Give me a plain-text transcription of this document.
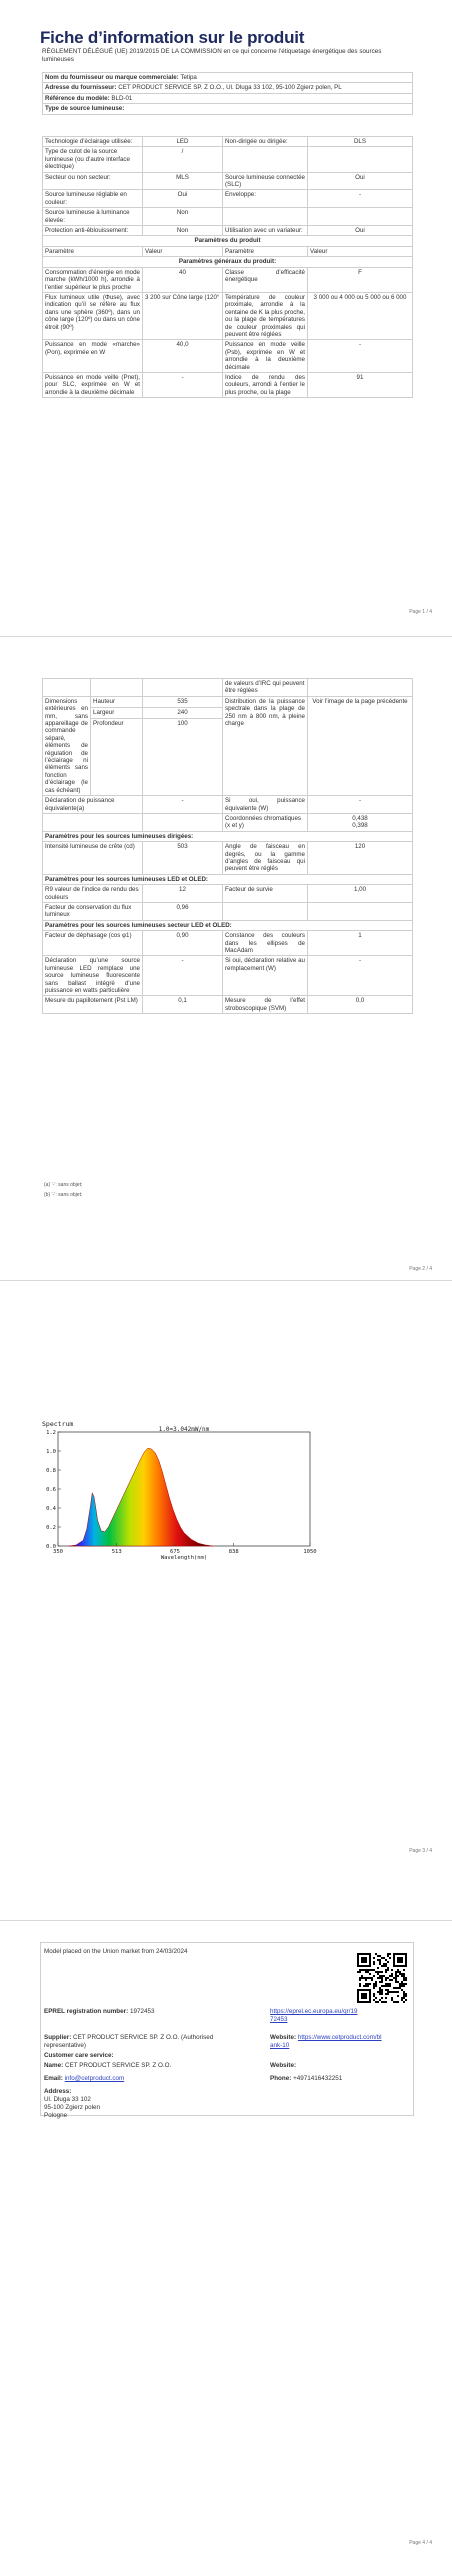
Fiche d’information sur le produit
RÈGLEMENT DÉLÉGUÉ (UE) 2019/2015 DE LA COMMISSION en ce qui concerne l’étiquetage énergétique des sources lumineuses
Nom du fournisseur ou marque commerciale: Tetipa
Adresse du fournisseur: CET PRODUCT SERVICE SP. Z O.O., Ul. Dluga 33 102, 95-100 Zgierz polen, PL
Référence du modèle: BLD-01
Type de source lumineuse:
Technologie d’éclairage utilisée:	LED	Non-dirigée ou dirigée:	DLS
Type de culot de la source lumineuse (ou d’autre interface électrique)	/		
Secteur ou non secteur:	MLS	Source lumineuse connectée (SLC)	Oui
Source lumineuse réglable en couleur:	Oui	Enveloppe:	-
Source lumineuse à luminance élevée:	Non		
Protection anti-éblouissement:	Non	Utilisation avec un variateur:	Oui
Paramètres du produit			
Paramètre	Valeur	Paramètre	Valeur
Paramètres généraux du produit:			
Consommation d’énergie en mode marche (kWh/1000 h), arrondie à l’entier supérieur le plus proche	40	Classe d’efficacité énergétique	F
Flux lumineux utile (Φuse), avec indication qu’il se réfère au flux dans une sphère (360º), dans un cône large (120º) ou dans un cône étroit (90º)	3 200 sur Cône large (120°	Température de couleur proximale, arrondie à la centaine de K la plus proche, ou la plage de températures de couleur proximales qui peuvent être réglées	3 000 ou 4 000 ou 5 000 ou 6 000
Puissance en mode «marche» (Pon), exprimée en W	40,0	Puissance en mode veille (Psb), exprimée en W et arrondie à la deuxième décimale	-
Puissance en mode veille (Pnet), pour SLC, exprimée en W et arrondie à la deuxième décimale	-	Indice de rendu des couleurs, arrondi à l’entier le plus proche, ou la plage	91
Page 1 / 4
			de valeurs d’IRC qui peuvent être réglées	
Dimensions extérieures en mm, sans appareillage de commande séparé, éléments de régulation de l’éclairage ni éléments sans fonction d’éclairage (le cas échéant)	Hauteur	535	Distribution de la puissance spectrale dans la plage de 250 nm à 800 nm, à pleine charge	Voir l’image de la page précédente
	Largeur	240		
	Profondeur	100		
Déclaration de puissance équivalente(a)		-	Si oui, puissance équivalente (W)	-
			Coordonnées chromatiques (x et y)	0,438
0,398

Paramètres pour les sources lumineuses dirigées:				
Intensité lumineuse de crête (cd)		503	Angle de faisceau en degrés, ou la gamme d’angles de faisceau qui peuvent être réglés	120
Paramètres pour les sources lumineuses LED et OLED:				
R9 valeur de l’indice de rendu des couleurs		12	Facteur de survie	1,00
Facteur de conservation du flux lumineux		0,96		
Paramètres pour les sources lumineuses secteur LED et OLED:				
Facteur de déphasage (cos φ1)		0,90	Constance des couleurs dans les ellipses de MacAdam	1
Déclaration qu’une source lumineuse LED remplace une source lumineuse fluorescente sans ballast intégré d’une puissance en watts particulière		-	Si oui, déclaration relative au remplacement (W)	-
Mesure du papillotement (Pst LM)		0,1	Mesure de l’effet stroboscopique (SVM)	0,0
(a) ‘-’: sans objet;
(b) ‘-’: sans objet;
Page 2 / 4
Page 3 / 4
Spectrum
0.0
0.2
0.4
0.6
0.8
1.0
1.2
350	513	675	838	1050
Wavelength(nm)
1.0=3.042mW/nm
Model placed on the Union market from 24/03/2024
EPREL registration number: 1972453	https://eprel.ec.europa.eu/qr/1972453
Supplier: CET PRODUCT SERVICE SP. Z O.O. (Authorised representative)
Website: https://www.cetproduct.com/blank-10
Customer care service:
Name: CET PRODUCT SERVICE SP. Z O.O.	Website:
Email: info@cetproduct.com	Phone: +4971416432251
Address:
Ul. Dluga 33 102
95-100 Zgierz polen
Pologne
Page 4 / 4
